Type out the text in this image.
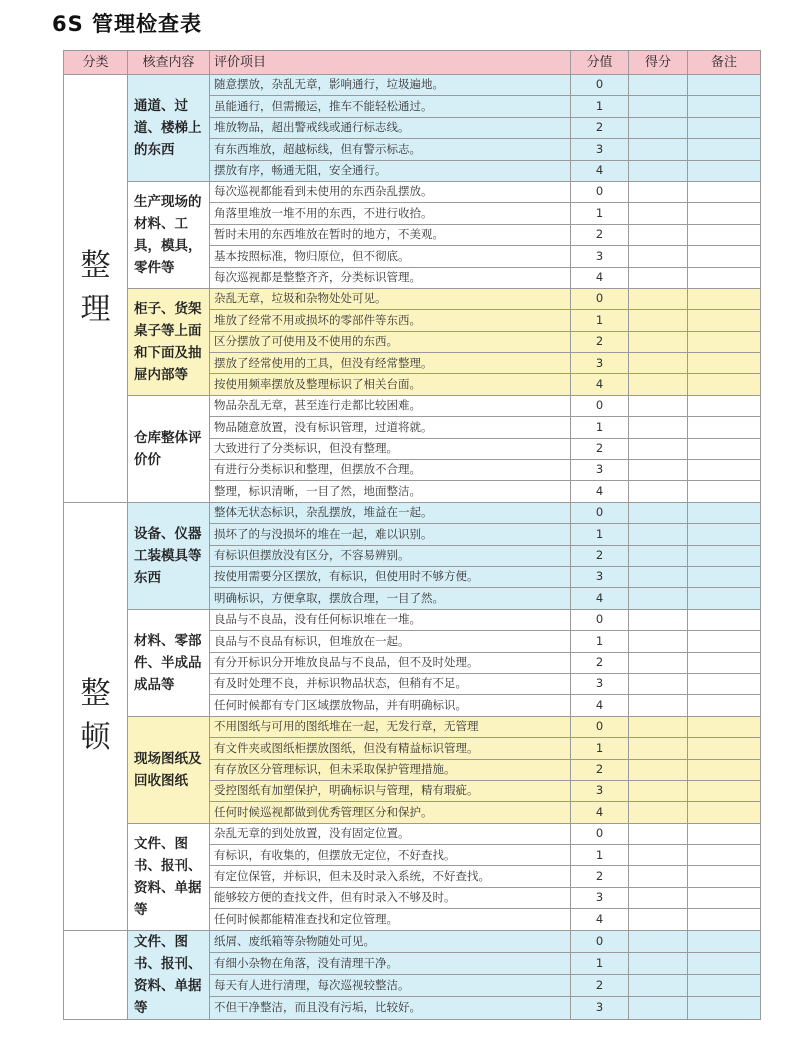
6S 管理检查表
分类	核查内容	评价项目	分值	得分	备注

整
理	通道、过道、楼梯上的东西	随意摆放，杂乱无章，影响通行，垃圾遍地。	0		
		虽能通行，但需搬运，推车不能轻松通过。	1		
		堆放物品，超出警戒线或通行标志线。	2		
		有东西堆放，超越标线，但有警示标志。	3		
		摆放有序，畅通无阻，安全通行。	4		
	生产现场的材料、工具，模具，零件等	每次巡视都能看到未使用的东西杂乱摆放。	0		
		角落里堆放一堆不用的东西，不进行收拾。	1		
		暂时未用的东西堆放在暂时的地方，不美观。	2		
		基本按照标准，物归原位，但不彻底。	3		
		每次巡视都是整整齐齐，分类标识管理。	4		
	柜子、货架桌子等上面和下面及抽屉内部等	杂乱无章，垃圾和杂物处处可见。	0		
		堆放了经常不用或损坏的零部件等东西。	1		
		区分摆放了可使用及不使用的东西。	2		
		摆放了经常使用的工具，但没有经常整理。	3		
		按使用频率摆放及整理标识了相关台面。	4		
	仓库整体评价价	物品杂乱无章，甚至连行走都比较困难。	0		
		物品随意放置，没有标识管理，过道将就。	1		
		大致进行了分类标识，但没有整理。	2		
		有进行分类标识和整理，但摆放不合理。	3		
		整理，标识清晰，一目了然，地面整洁。	4		

整
顿	设备、仪器工装模具等东西	整体无状态标识，杂乱摆放，堆益在一起。	0		
		损坏了的与没损坏的堆在一起，难以识别。	1		
		有标识但摆放没有区分，不容易辨别。	2		
		按使用需要分区摆放，有标识，但使用时不够方便。	3		
		明确标识，方便拿取，摆放合理，一目了然。	4		
	材料、零部件、半成品成品等	良品与不良品，没有任何标识堆在一堆。	0		
		良品与不良品有标识，但堆放在一起。	1		
		有分开标识分开堆放良品与不良品，但不及时处理。	2		
		有及时处理不良，并标识物品状态，但稍有不足。	3		
		任何时候都有专门区域摆放物品，并有明确标识。	4		
	现场图纸及回收图纸	不用图纸与可用的图纸堆在一起，无发行章，无管理	0		
		有文件夹或图纸柜摆放图纸，但没有精益标识管理。	1		
		有存放区分管理标识，但未采取保护管理措施。	2		
		受控图纸有加塑保护，明确标识与管理，精有瑕疵。	3		
		任何时候巡视都做到优秀管理区分和保护。	4		
	文件、图书、报刊、资料、单据等	杂乱无章的到处放置，没有固定位置。	0		
		有标识，有收集的，但摆放无定位，不好查找。	1		
		有定位保管，并标识，但未及时录入系统，不好查找。	2		
		能够较方便的查找文件，但有时录入不够及时。	3		
		任何时候都能精准查找和定位管理。	4		
	文件、图书、报刊、资料、单据等	纸屑、废纸箱等杂物随处可见。	0		
		有细小杂物在角落，没有清理干净。	1		
		每天有人进行清理，每次巡视较整洁。	2		
		不但干净整洁，而且没有污垢，比较好。	3		
